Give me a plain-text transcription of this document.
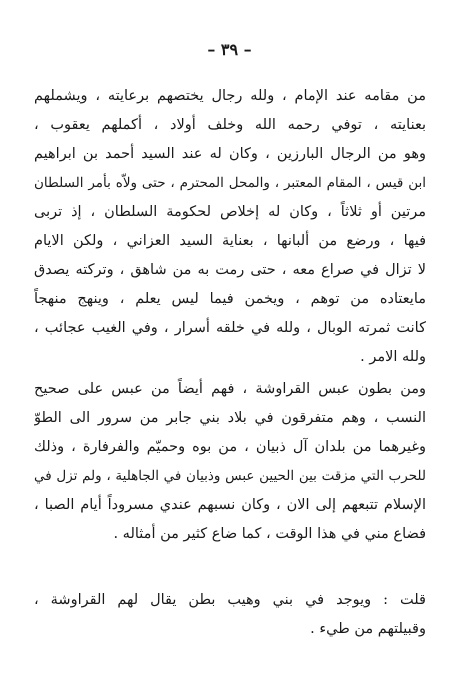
– ٣٩ –
من مقامه عند الإمام ، ولله رجال يختصهم برعايته ، ويشملهم
بعنايته ، توفي رحمه الله وخلف أولاد ، أكملهم يعقوب ،
وهو من الرجال البارزين ، وكان له عند السيد أحمد بن ابراهيم
ابن قيس ، المقام المعتبر ، والمحل المحترم ، حتى ولاّه بأمر السلطان
مرتين أو ثلاثاً ، وكان له إخلاص لحكومة السلطان ، إذ تربى
فيها ، ورضع من ألبانها ، بعناية السيد العزاني ، ولكن الايام
لا تزال في صراع معه ، حتى رمت به من شاهق ، وتركته يصدق
مايعتاده من توهم ، ويخمن فيما ليس يعلم ، وينهج منهجاً
كانت ثمرته الوبال ، ولله في خلقه أسرار ، وفي الغيب عجائب ،
ولله الامر .
ومن بطون عبس القراوشة ، فهم أيضاً من عبس على صحيح
النسب ، وهم متفرقون في بلاد بني جابر من سرور الى الطوّ
وغيرهما من بلدان آل ذبيان ، من بوه وحميّم والفرفارة ، وذلك
للحرب التي مزقت بين الحيين عبس وذبيان في الجاهلية ، ولم تزل في
الإسلام تتبعهم إلى الان ، وكان نسبهم عندي مسروداً أيام الصبا ،
فضاع مني في هذا الوقت ، كما ضاع كثير من أمثاله .
قلت : ويوجد في بني وهيب بطن يقال لهم القراوشة ،
وقبيلتهم من طيء .
